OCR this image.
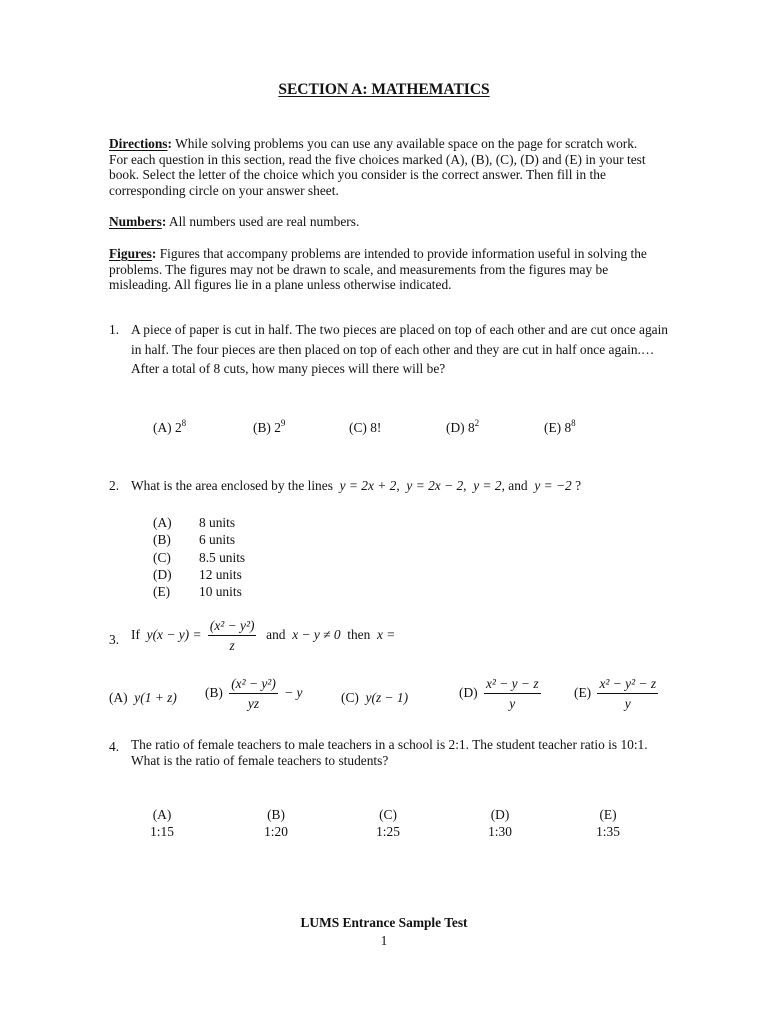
SECTION A: MATHEMATICS
Directions: While solving problems you can use any available space on the page for scratch work. For each question in this section, read the five choices marked (A), (B), (C), (D) and (E) in your test book. Select the letter of the choice which you consider is the correct answer. Then fill in the corresponding circle on your answer sheet.
Numbers: All numbers used are real numbers.
Figures: Figures that accompany problems are intended to provide information useful in solving the problems. The figures may not be drawn to scale, and measurements from the figures may be misleading. All figures lie in a plane unless otherwise indicated.
1. A piece of paper is cut in half. The two pieces are placed on top of each other and are cut once again in half. The four pieces are then placed on top of each other and they are cut in half once again.… After a total of 8 cuts, how many pieces will there will be?
(A) $2^8$	(B) $2^9$	(C) 8!	(D) $8^2$	(E) $8^8$
2. What is the area enclosed by the lines y = 2x + 2,  y = 2x − 2,  y = 2, and y = −2 ?
(A) 8 units
(B) 6 units
(C) 8.5 units
(D) 12 units
(E) 10 units
3. If $y(x - y) = \frac{\text{(x² − y²)}}{z}$ and x − y ≠ 0 then x =
(A) y(1 + z) $(B) \frac{\text{(x² − y²)}}{yz} - y$	(C) y(z − 1)	$(D) \frac{\text{x² − y − z}}{y} (E) \frac{\text{x² − y² − z}}{y}$
4. The ratio of female teachers to male teachers in a school is 2:1. The student teacher ratio is 10:1. What is the ratio of female teachers to students?
(A)
1:15
(B)
1:20
(C)
1:25
(D)
1:30
(E)
1:35
LUMS Entrance Sample Test
1
